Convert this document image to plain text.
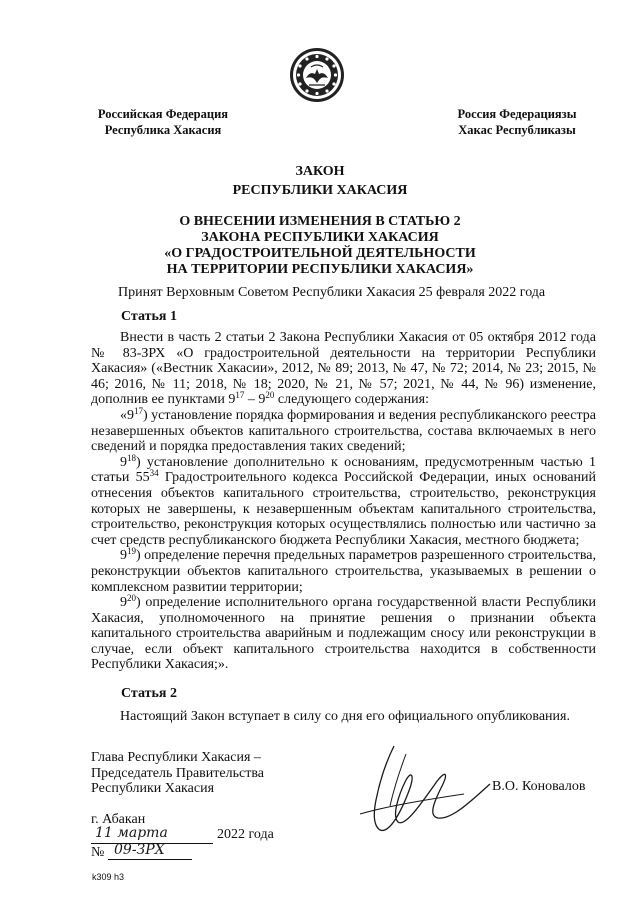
Российская Федерация
Республика Хакасия
Россия Федерациязы
Хакас Республиказы
ЗАКОН
РЕСПУБЛИКИ ХАКАСИЯ
О ВНЕСЕНИИ ИЗМЕНЕНИЯ В СТАТЬЮ 2
ЗАКОНА РЕСПУБЛИКИ ХАКАСИЯ
«О ГРАДОСТРОИТЕЛЬНОЙ ДЕЯТЕЛЬНОСТИ
НА ТЕРРИТОРИИ РЕСПУБЛИКИ ХАКАСИЯ»
Принят Верховным Советом Республики Хакасия 25 февраля 2022 года
Статья 1

Внести в часть 2 статьи 2 Закона Республики Хакасия от 05 октября 2012 года № 83-ЗРХ «О градостроительной деятельности на территории Республики Хакасия» («Вестник Хакасии», 2012, № 89; 2013, № 47, № 72; 2014, № 23; 2015, № 46; 2016, № 11; 2018, № 18; 2020, № 21, № 57; 2021, № 44, № 96) изменение, дополнив ее пунктами $9^{17} - 9^{20}$ следующего содержания:

«$9^{17}$) установление порядка формирования и ведения республиканского реестра незавершенных объектов капитального строительства, состава включаемых в него сведений и порядка предоставления таких сведений;

$9^{18}$) установление дополнительно к основаниям, предусмотренным частью 1 статьи $55^{34}$ Градостроительного кодекса Российской Федерации, иных оснований отнесения объектов капитального строительства, строительство, реконструкция которых не завершены, к незавершенным объектам капитального строительства, строительство, реконструкция которых осуществлялись полностью или частично за счет средств республиканского бюджета Республики Хакасия, местного бюджета;

$9^{19}$) определение перечня предельных параметров разрешенного строительства, реконструкции объектов капитального строительства, указываемых в решении о комплексном развитии территории;

$9^{20}$) определение исполнительного органа государственной власти Республики Хакасия, уполномоченного на принятие решения о признании объекта капитального строительства аварийным и подлежащим сносу или реконструкции в случае, если объект капитального строительства находится в собственности Республики Хакасия;».

Статья 2
Настоящий Закон вступает в силу со дня его официального опубликования.
Глава Республики Хакасия –
Председатель Правительства
Республики Хакасия	В.О. Коновалов
г. Абакан
11 марта	2022 года
№ 09-ЗРХ
k309 h3
